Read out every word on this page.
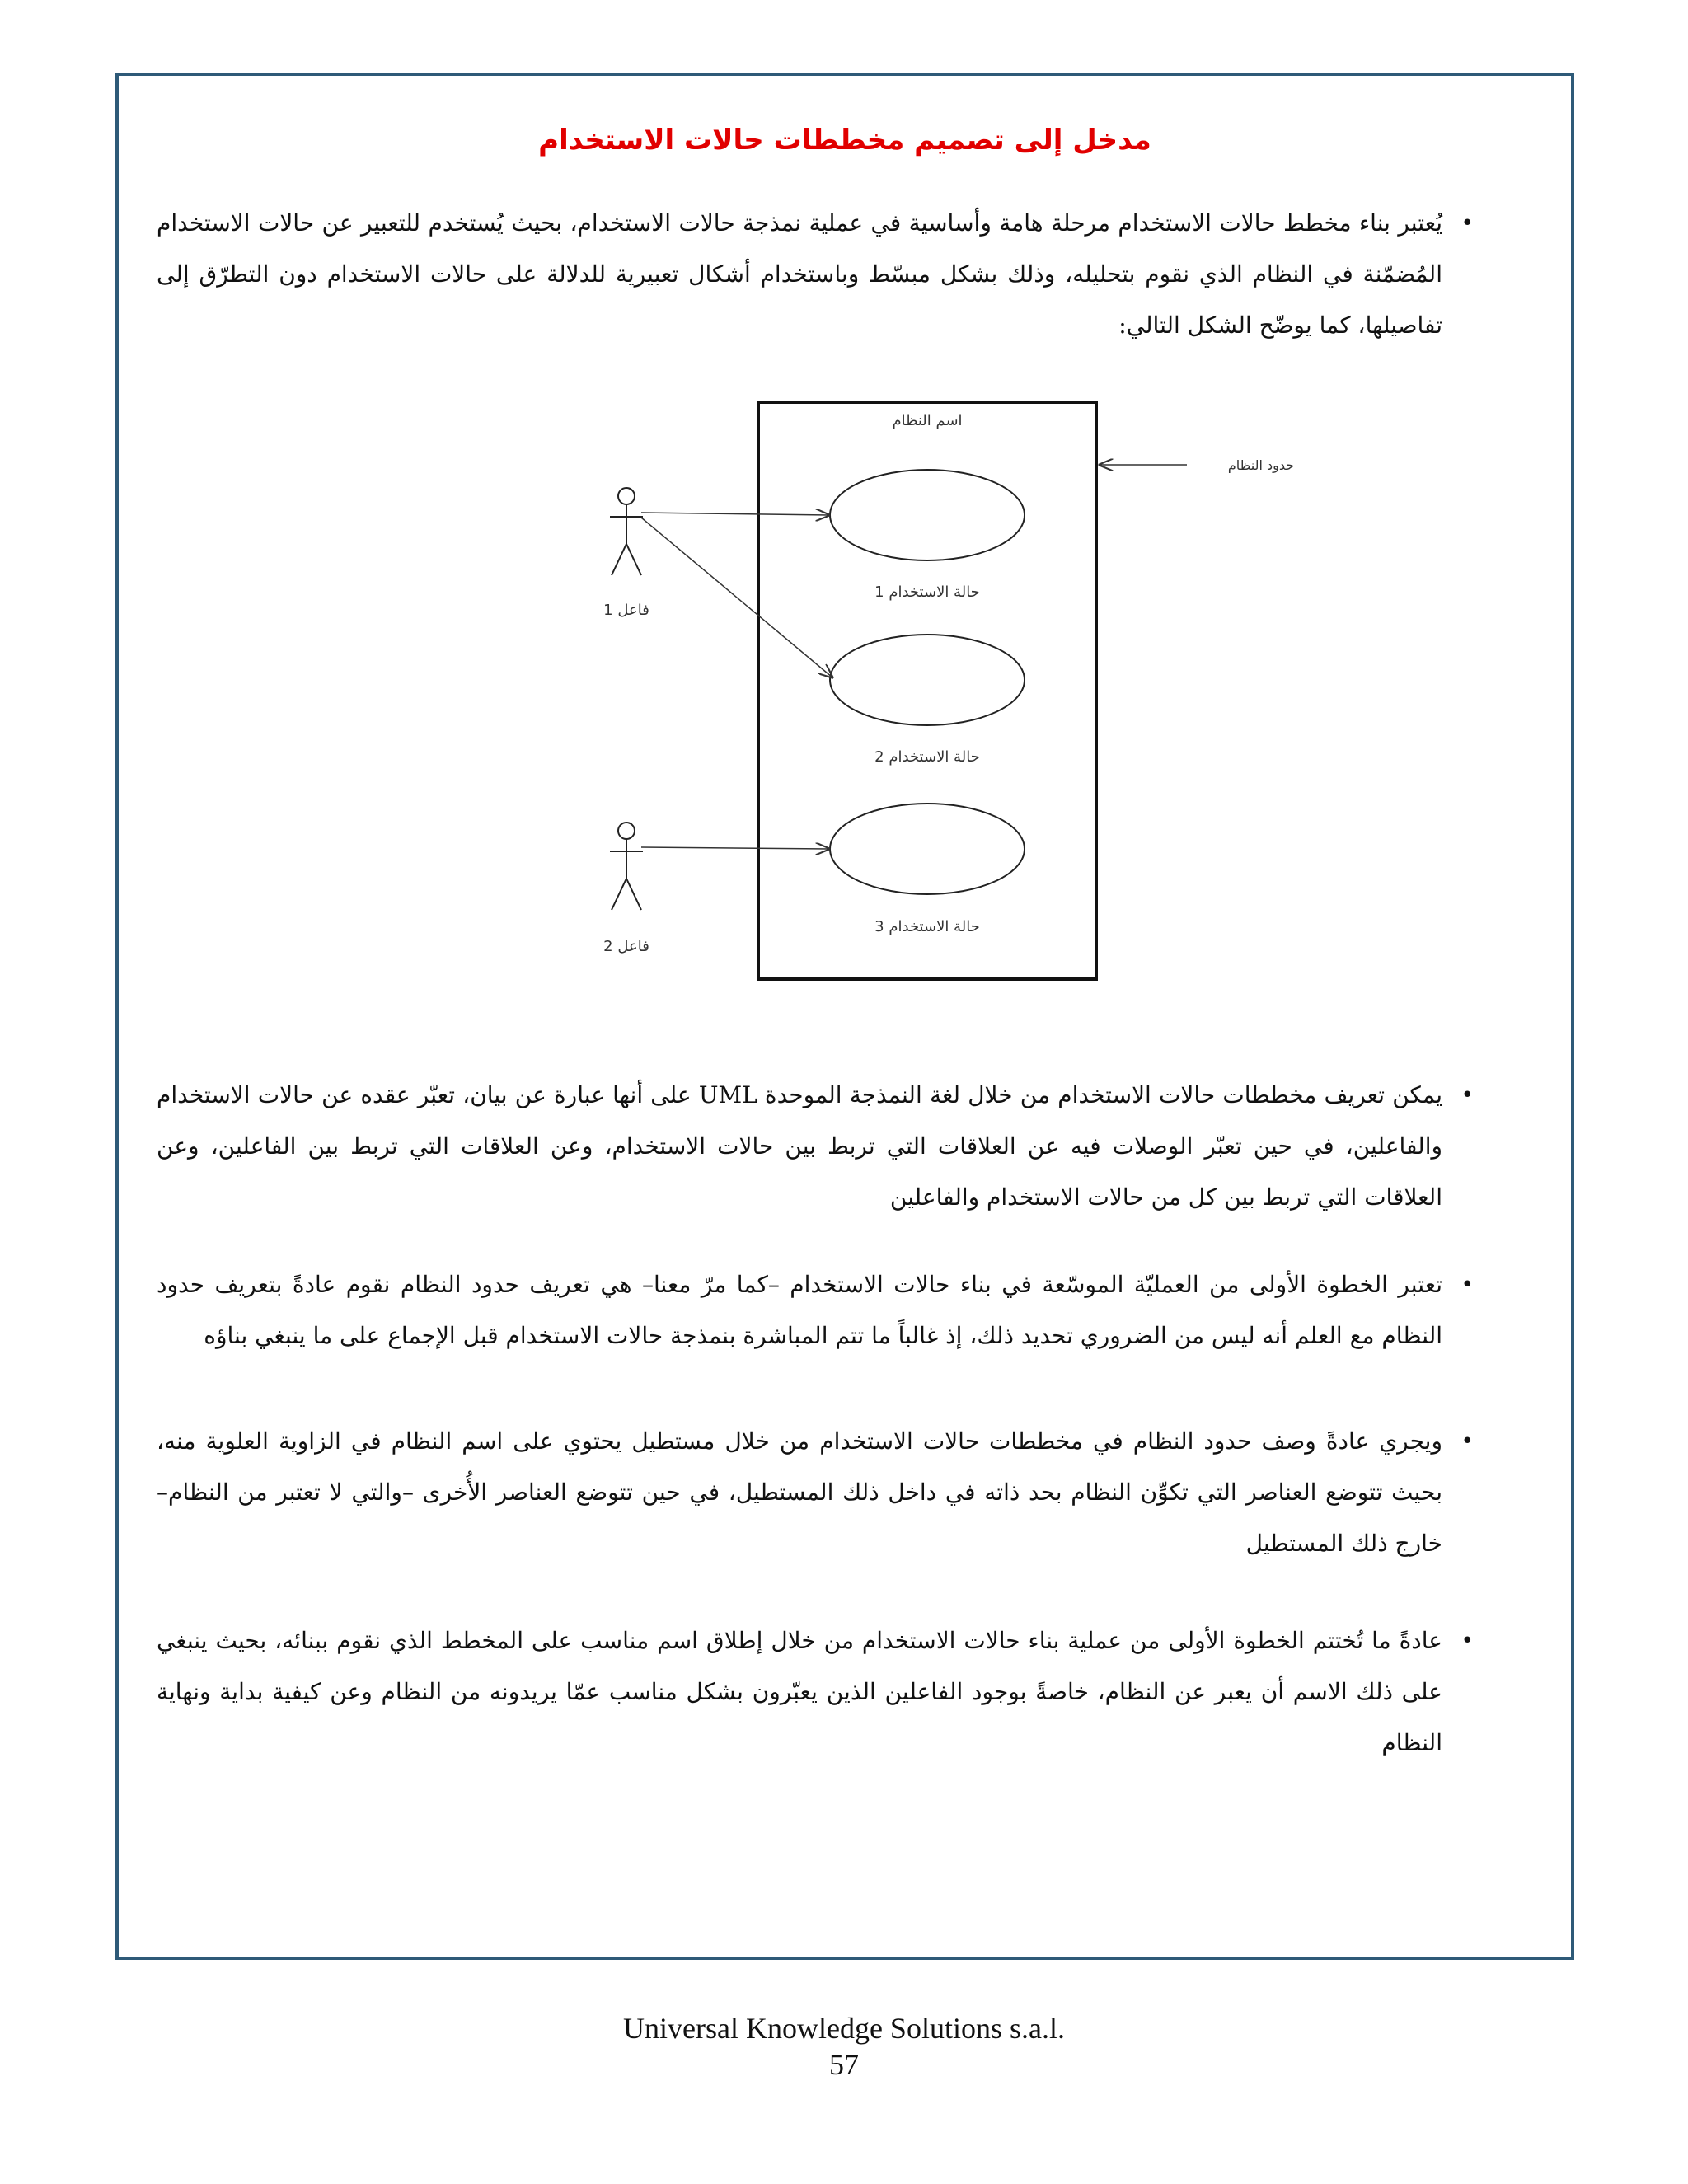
مدخل إلى تصميم مخططات حالات الاستخدام

•
يُعتبر بناء مخطط حالات الاستخدام مرحلة هامة وأساسية في عملية نمذجة حالات الاستخدام، بحيث يُستخدم للتعبير عن حالات الاستخدام المُضمّنة في النظام الذي نقوم بتحليله، وذلك بشكل مبسّط وباستخدام أشكال تعبيرية للدلالة على حالات الاستخدام دون التطرّق إلى تفاصيلها، كما يوضّح الشكل التالي:

اسم النظام
حدود النظام
حالة الاستخدام 1
حالة الاستخدام 2
حالة الاستخدام 3
فاعل 1
فاعل 2

•
يمكن تعريف مخططات حالات الاستخدام من خلال لغة النمذجة الموحدة UML على أنها عبارة عن بيان، تعبّر عقده عن حالات الاستخدام والفاعلين، في حين تعبّر الوصلات فيه عن العلاقات التي تربط بين حالات الاستخدام، وعن العلاقات التي تربط بين الفاعلين، وعن العلاقات التي تربط بين كل من حالات الاستخدام والفاعلين

•
تعتبر الخطوة الأولى من العمليّة الموسّعة في بناء حالات الاستخدام –كما مرّ معنا– هي تعريف حدود النظام نقوم عادةً بتعريف حدود النظام مع العلم أنه ليس من الضروري تحديد ذلك، إذ غالباً ما تتم المباشرة بنمذجة حالات الاستخدام قبل الإجماع على ما ينبغي بناؤه

•
ويجري عادةً وصف حدود النظام في مخططات حالات الاستخدام من خلال مستطيل يحتوي على اسم النظام في الزاوية العلوية منه، بحيث تتوضع العناصر التي تكوِّن النظام بحد ذاته في داخل ذلك المستطيل، في حين تتوضع العناصر الأُخرى –والتي لا تعتبر من النظام– خارج ذلك المستطيل

•
عادةً ما تُختتم الخطوة الأولى من عملية بناء حالات الاستخدام من خلال إطلاق اسم مناسب على المخطط الذي نقوم ببنائه، بحيث ينبغي على ذلك الاسم أن يعبر عن النظام، خاصةً بوجود الفاعلين الذين يعبّرون بشكل مناسب عمّا يريدونه من النظام وعن كيفية بداية ونهاية النظام

Universal Knowledge Solutions s.a.l.
57
